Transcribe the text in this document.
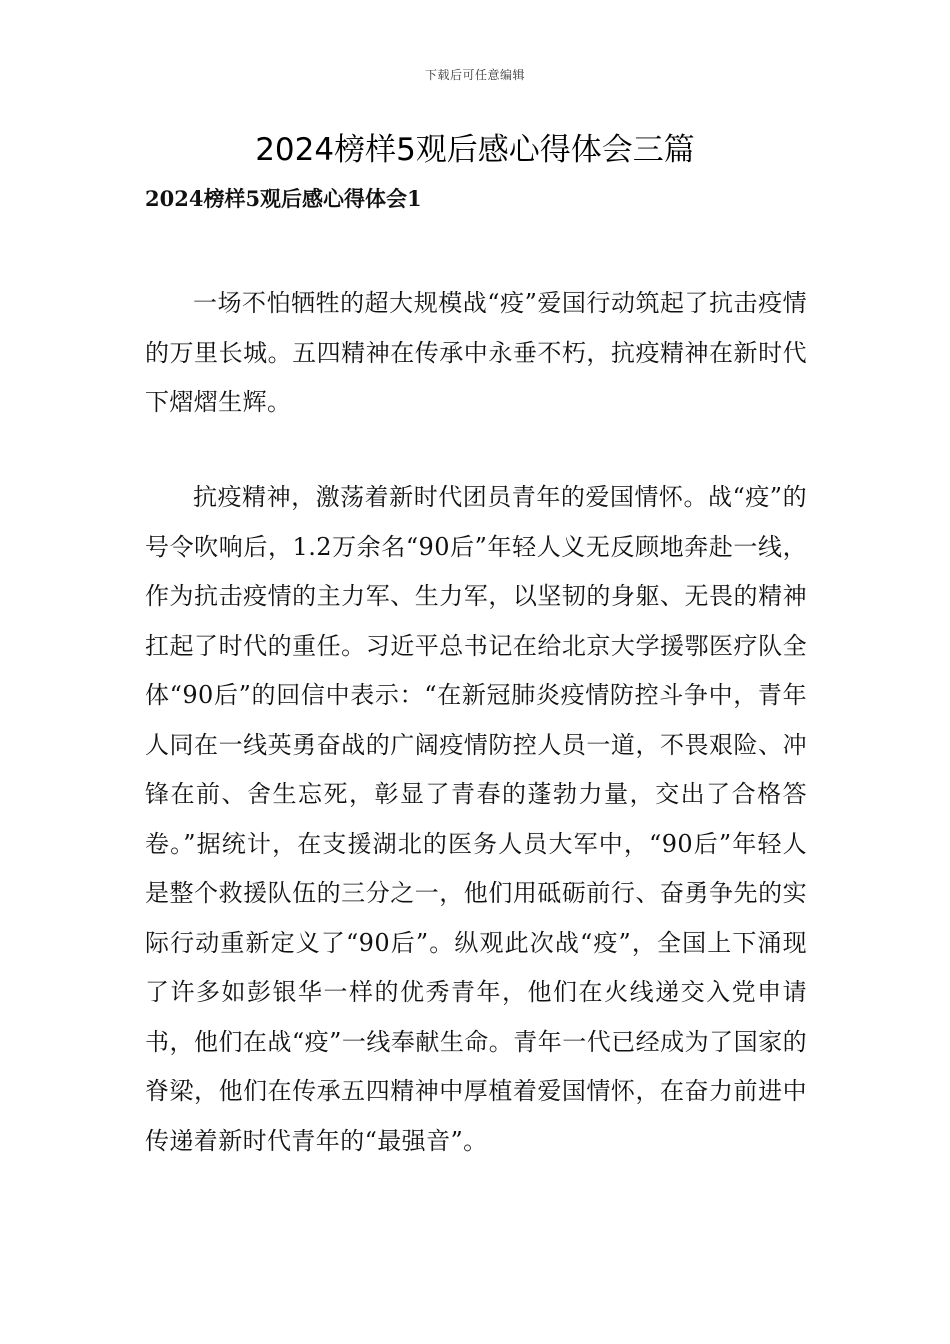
下载后可任意编辑
2024榜样5观后感心得体会三篇
2024榜样5观后感心得体会1

一场不怕牺牲的超大规模战“疫”爱国行动筑起了抗击疫情的万里长城。五四精神在传承中永垂不朽，抗疫精神在新时代下熠熠生辉。

抗疫精神，激荡着新时代团员青年的爱国情怀。战“疫”的号令吹响后，1.2万余名“90后”年轻人义无反顾地奔赴一线，作为抗击疫情的主力军、生力军，以坚韧的身躯、无畏的精神扛起了时代的重任。习近平总书记在给北京大学援鄂医疗队全体“90后”的回信中表示：“在新冠肺炎疫情防控斗争中，青年人同在一线英勇奋战的广阔疫情防控人员一道，不畏艰险、冲锋在前、舍生忘死，彰显了青春的蓬勃力量，交出了合格答卷。”据统计，在支援湖北的医务人员大军中，“90后”年轻人是整个救援队伍的三分之一，他们用砥砺前行、奋勇争先的实际行动重新定义了“90后”。纵观此次战“疫”，全国上下涌现了许多如彭银华一样的优秀青年，他们在火线递交入党申请书，他们在战“疫”一线奉献生命。青年一代已经成为了国家的脊梁，他们在传承五四精神中厚植着爱国情怀，在奋力前进中传递着新时代青年的“最强音”。
